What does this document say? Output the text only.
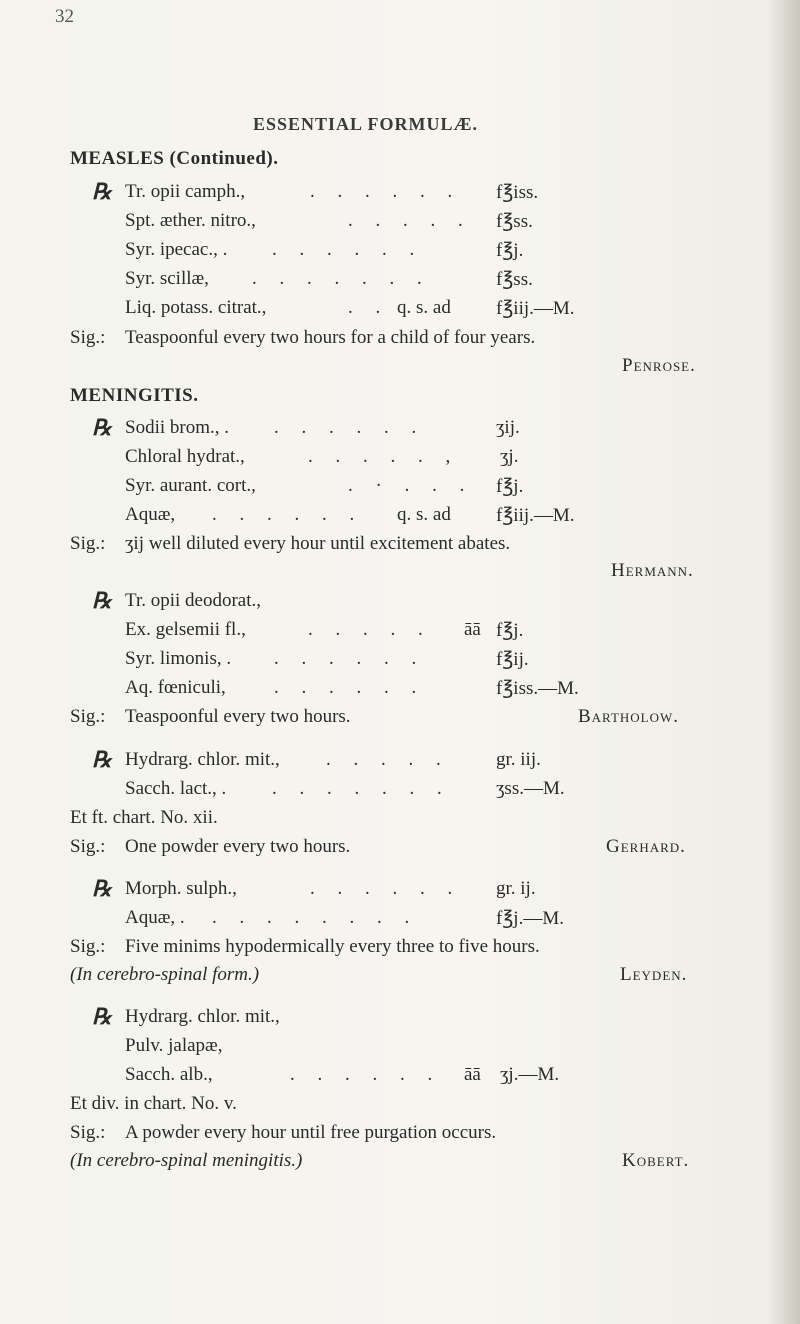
32
ESSENTIAL FORMULÆ.
MEASLES (Continued).
℞ Tr. opii camph.,	. . . . . . f℥iss.
Spt. æther. nitro.,	. . . . . f℥ss.
Syr. ipecac., . . . . . . .	f℥j.
Syr. scillæ, . . . . . . .	f℥ss.
Liq. potass. citrat.,	. . q. s. ad f℥iij.—M.
Sig.: Teaspoonful every two hours for a child of four years.
Penrose.
MENINGITIS.
℞ Sodii brom., . . . . . . .	ʒij.
Chloral hydrat.,	. . . . . , ʒj.
Syr. aurant. cort.,	. · . . . f℥j.
Aquæ, . . . . . . q. s. ad f℥iij.—M.
Sig.: ʒij well diluted every hour until excitement abates.
Hermann.
℞ Tr. opii deodorat.,
Ex. gelsemii fl.,	. . . . . āā f℥j.
Syr. limonis, . . . . . . .	f℥ij.
Aq. fœniculi,	. . . . . .	f℥iss.—M.
Sig.: Teaspoonful every two hours.	Bartholow.
℞ Hydrarg. chlor. mit., . . . . . gr. iij.
Sacch. lact., . . . . . . . . ʒss.—M.
Et ft. chart. No. xii.
Sig.: One powder every two hours.	Gerhard.
℞ Morph. sulph.,	. . . . . . gr. ij.
Aquæ, . . . . . . . . .	f℥j.—M.
Sig.: Five minims hypodermically every three to five hours.
(In cerebro-spinal form.)	Leyden.
℞ Hydrarg. chlor. mit.,
Pulv. jalapæ,
Sacch. alb.,	. . . . . . āā ʒj.—M.
Et div. in chart. No. v.
Sig.: A powder every hour until free purgation occurs.
(In cerebro-spinal meningitis.)	Kobert.
